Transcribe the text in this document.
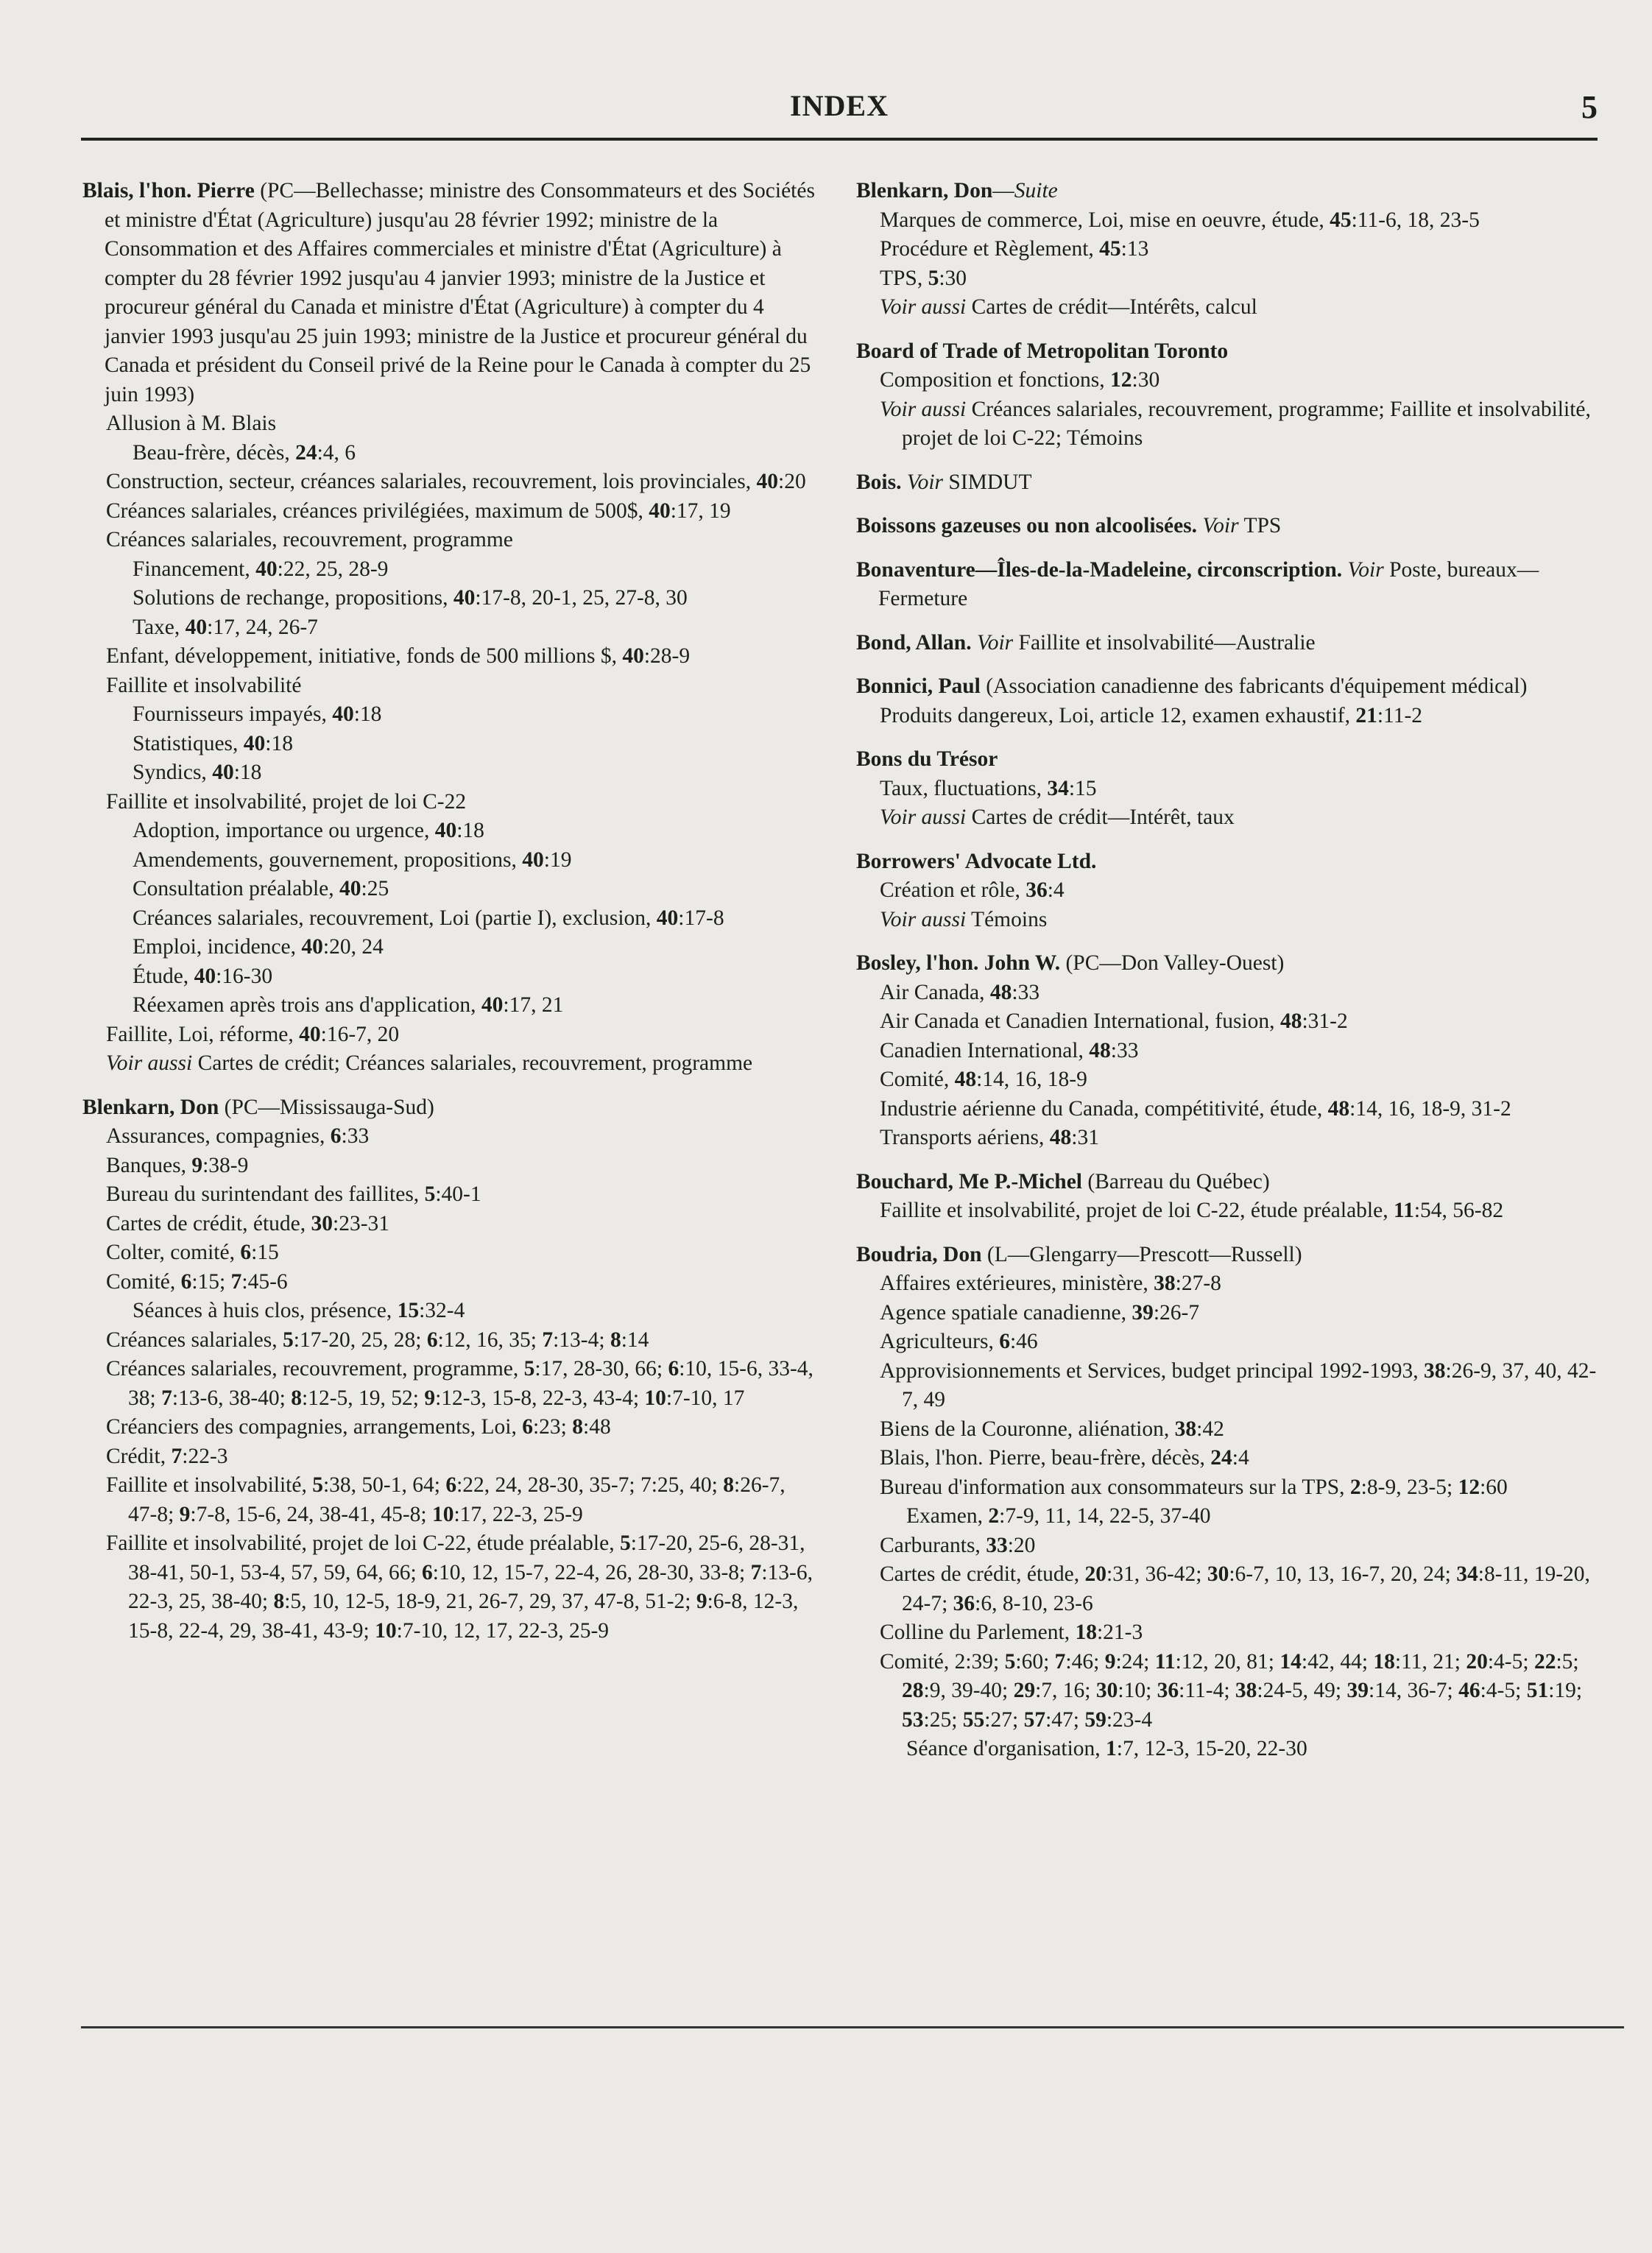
INDEX	5
Blais, l'hon. Pierre (PC—Bellechasse; ministre des Consommateurs et des Sociétés et ministre d'État (Agriculture) jusqu'au 28 février 1992; ministre de la Consommation et des Affaires commerciales et ministre d'État (Agriculture) à compter du 28 février 1992 jusqu'au 4 janvier 1993; ministre de la Justice et procureur général du Canada et ministre d'État (Agriculture) à compter du 4 janvier 1993 jusqu'au 25 juin 1993; ministre de la Justice et procureur général du Canada et président du Conseil privé de la Reine pour le Canada à compter du 25 juin 1993)
Allusion à M. Blais
Beau-frère, décès, 24:4, 6
Construction, secteur, créances salariales, recouvrement, lois provinciales, 40:20
Créances salariales, créances privilégiées, maximum de 500$, 40:17, 19
Créances salariales, recouvrement, programme
Financement, 40:22, 25, 28-9
Solutions de rechange, propositions, 40:17-8, 20-1, 25, 27-8, 30
Taxe, 40:17, 24, 26-7
Enfant, développement, initiative, fonds de 500 millions $, 40:28-9
Faillite et insolvabilité
Fournisseurs impayés, 40:18
Statistiques, 40:18
Syndics, 40:18
Faillite et insolvabilité, projet de loi C-22
Adoption, importance ou urgence, 40:18
Amendements, gouvernement, propositions, 40:19
Consultation préalable, 40:25
Créances salariales, recouvrement, Loi (partie I), exclusion, 40:17-8
Emploi, incidence, 40:20, 24
Étude, 40:16-30
Réexamen après trois ans d'application, 40:17, 21
Faillite, Loi, réforme, 40:16-7, 20
Voir aussi Cartes de crédit; Créances salariales, recouvrement, programme
Blenkarn, Don (PC—Mississauga-Sud)
Assurances, compagnies, 6:33
Banques, 9:38-9
Bureau du surintendant des faillites, 5:40-1
Cartes de crédit, étude, 30:23-31
Colter, comité, 6:15
Comité, 6:15; 7:45-6
Séances à huis clos, présence, 15:32-4
Créances salariales, 5:17-20, 25, 28; 6:12, 16, 35; 7:13-4; 8:14
Créances salariales, recouvrement, programme, 5:17, 28-30, 66; 6:10, 15-6, 33-4, 38; 7:13-6, 38-40; 8:12-5, 19, 52; 9:12-3, 15-8, 22-3, 43-4; 10:7-10, 17
Créanciers des compagnies, arrangements, Loi, 6:23; 8:48
Crédit, 7:22-3
Faillite et insolvabilité, 5:38, 50-1, 64; 6:22, 24, 28-30, 35-7; 7:25, 40; 8:26-7, 47-8; 9:7-8, 15-6, 24, 38-41, 45-8; 10:17, 22-3, 25-9
Faillite et insolvabilité, projet de loi C-22, étude préalable, 5:17-20, 25-6, 28-31, 38-41, 50-1, 53-4, 57, 59, 64, 66; 6:10, 12, 15-7, 22-4, 26, 28-30, 33-8; 7:13-6, 22-3, 25, 38-40; 8:5, 10, 12-5, 18-9, 21, 26-7, 29, 37, 47-8, 51-2; 9:6-8, 12-3, 15-8, 22-4, 29, 38-41, 43-9; 10:7-10, 12, 17, 22-3, 25-9
Blenkarn, Don—Suite
Marques de commerce, Loi, mise en oeuvre, étude, 45:11-6, 18, 23-5
Procédure et Règlement, 45:13
TPS, 5:30
Voir aussi Cartes de crédit—Intérêts, calcul
Board of Trade of Metropolitan Toronto
Composition et fonctions, 12:30
Voir aussi Créances salariales, recouvrement, programme; Faillite et insolvabilité, projet de loi C-22; Témoins
Bois. Voir SIMDUT
Boissons gazeuses ou non alcoolisées. Voir TPS
Bonaventure—Îles-de-la-Madeleine, circonscription. Voir Poste, bureaux—Fermeture
Bond, Allan. Voir Faillite et insolvabilité—Australie
Bonnici, Paul (Association canadienne des fabricants d'équipement médical)
Produits dangereux, Loi, article 12, examen exhaustif, 21:11-2
Bons du Trésor
Taux, fluctuations, 34:15
Voir aussi Cartes de crédit—Intérêt, taux
Borrowers' Advocate Ltd.
Création et rôle, 36:4
Voir aussi Témoins
Bosley, l'hon. John W. (PC—Don Valley-Ouest)
Air Canada, 48:33
Air Canada et Canadien International, fusion, 48:31-2
Canadien International, 48:33
Comité, 48:14, 16, 18-9
Industrie aérienne du Canada, compétitivité, étude, 48:14, 16, 18-9, 31-2
Transports aériens, 48:31
Bouchard, Me P.-Michel (Barreau du Québec)
Faillite et insolvabilité, projet de loi C-22, étude préalable, 11:54, 56-82
Boudria, Don (L—Glengarry—Prescott—Russell)
Affaires extérieures, ministère, 38:27-8
Agence spatiale canadienne, 39:26-7
Agriculteurs, 6:46
Approvisionnements et Services, budget principal 1992-1993, 38:26-9, 37, 40, 42-7, 49
Biens de la Couronne, aliénation, 38:42
Blais, l'hon. Pierre, beau-frère, décès, 24:4
Bureau d'information aux consommateurs sur la TPS, 2:8-9, 23-5; 12:60
Examen, 2:7-9, 11, 14, 22-5, 37-40
Carburants, 33:20
Cartes de crédit, étude, 20:31, 36-42; 30:6-7, 10, 13, 16-7, 20, 24; 34:8-11, 19-20, 24-7; 36:6, 8-10, 23-6
Colline du Parlement, 18:21-3
Comité, 2:39; 5:60; 7:46; 9:24; 11:12, 20, 81; 14:42, 44; 18:11, 21; 20:4-5; 22:5; 28:9, 39-40; 29:7, 16; 30:10; 36:11-4; 38:24-5, 49; 39:14, 36-7; 46:4-5; 51:19; 53:25; 55:27; 57:47; 59:23-4
Séance d'organisation, 1:7, 12-3, 15-20, 22-30
